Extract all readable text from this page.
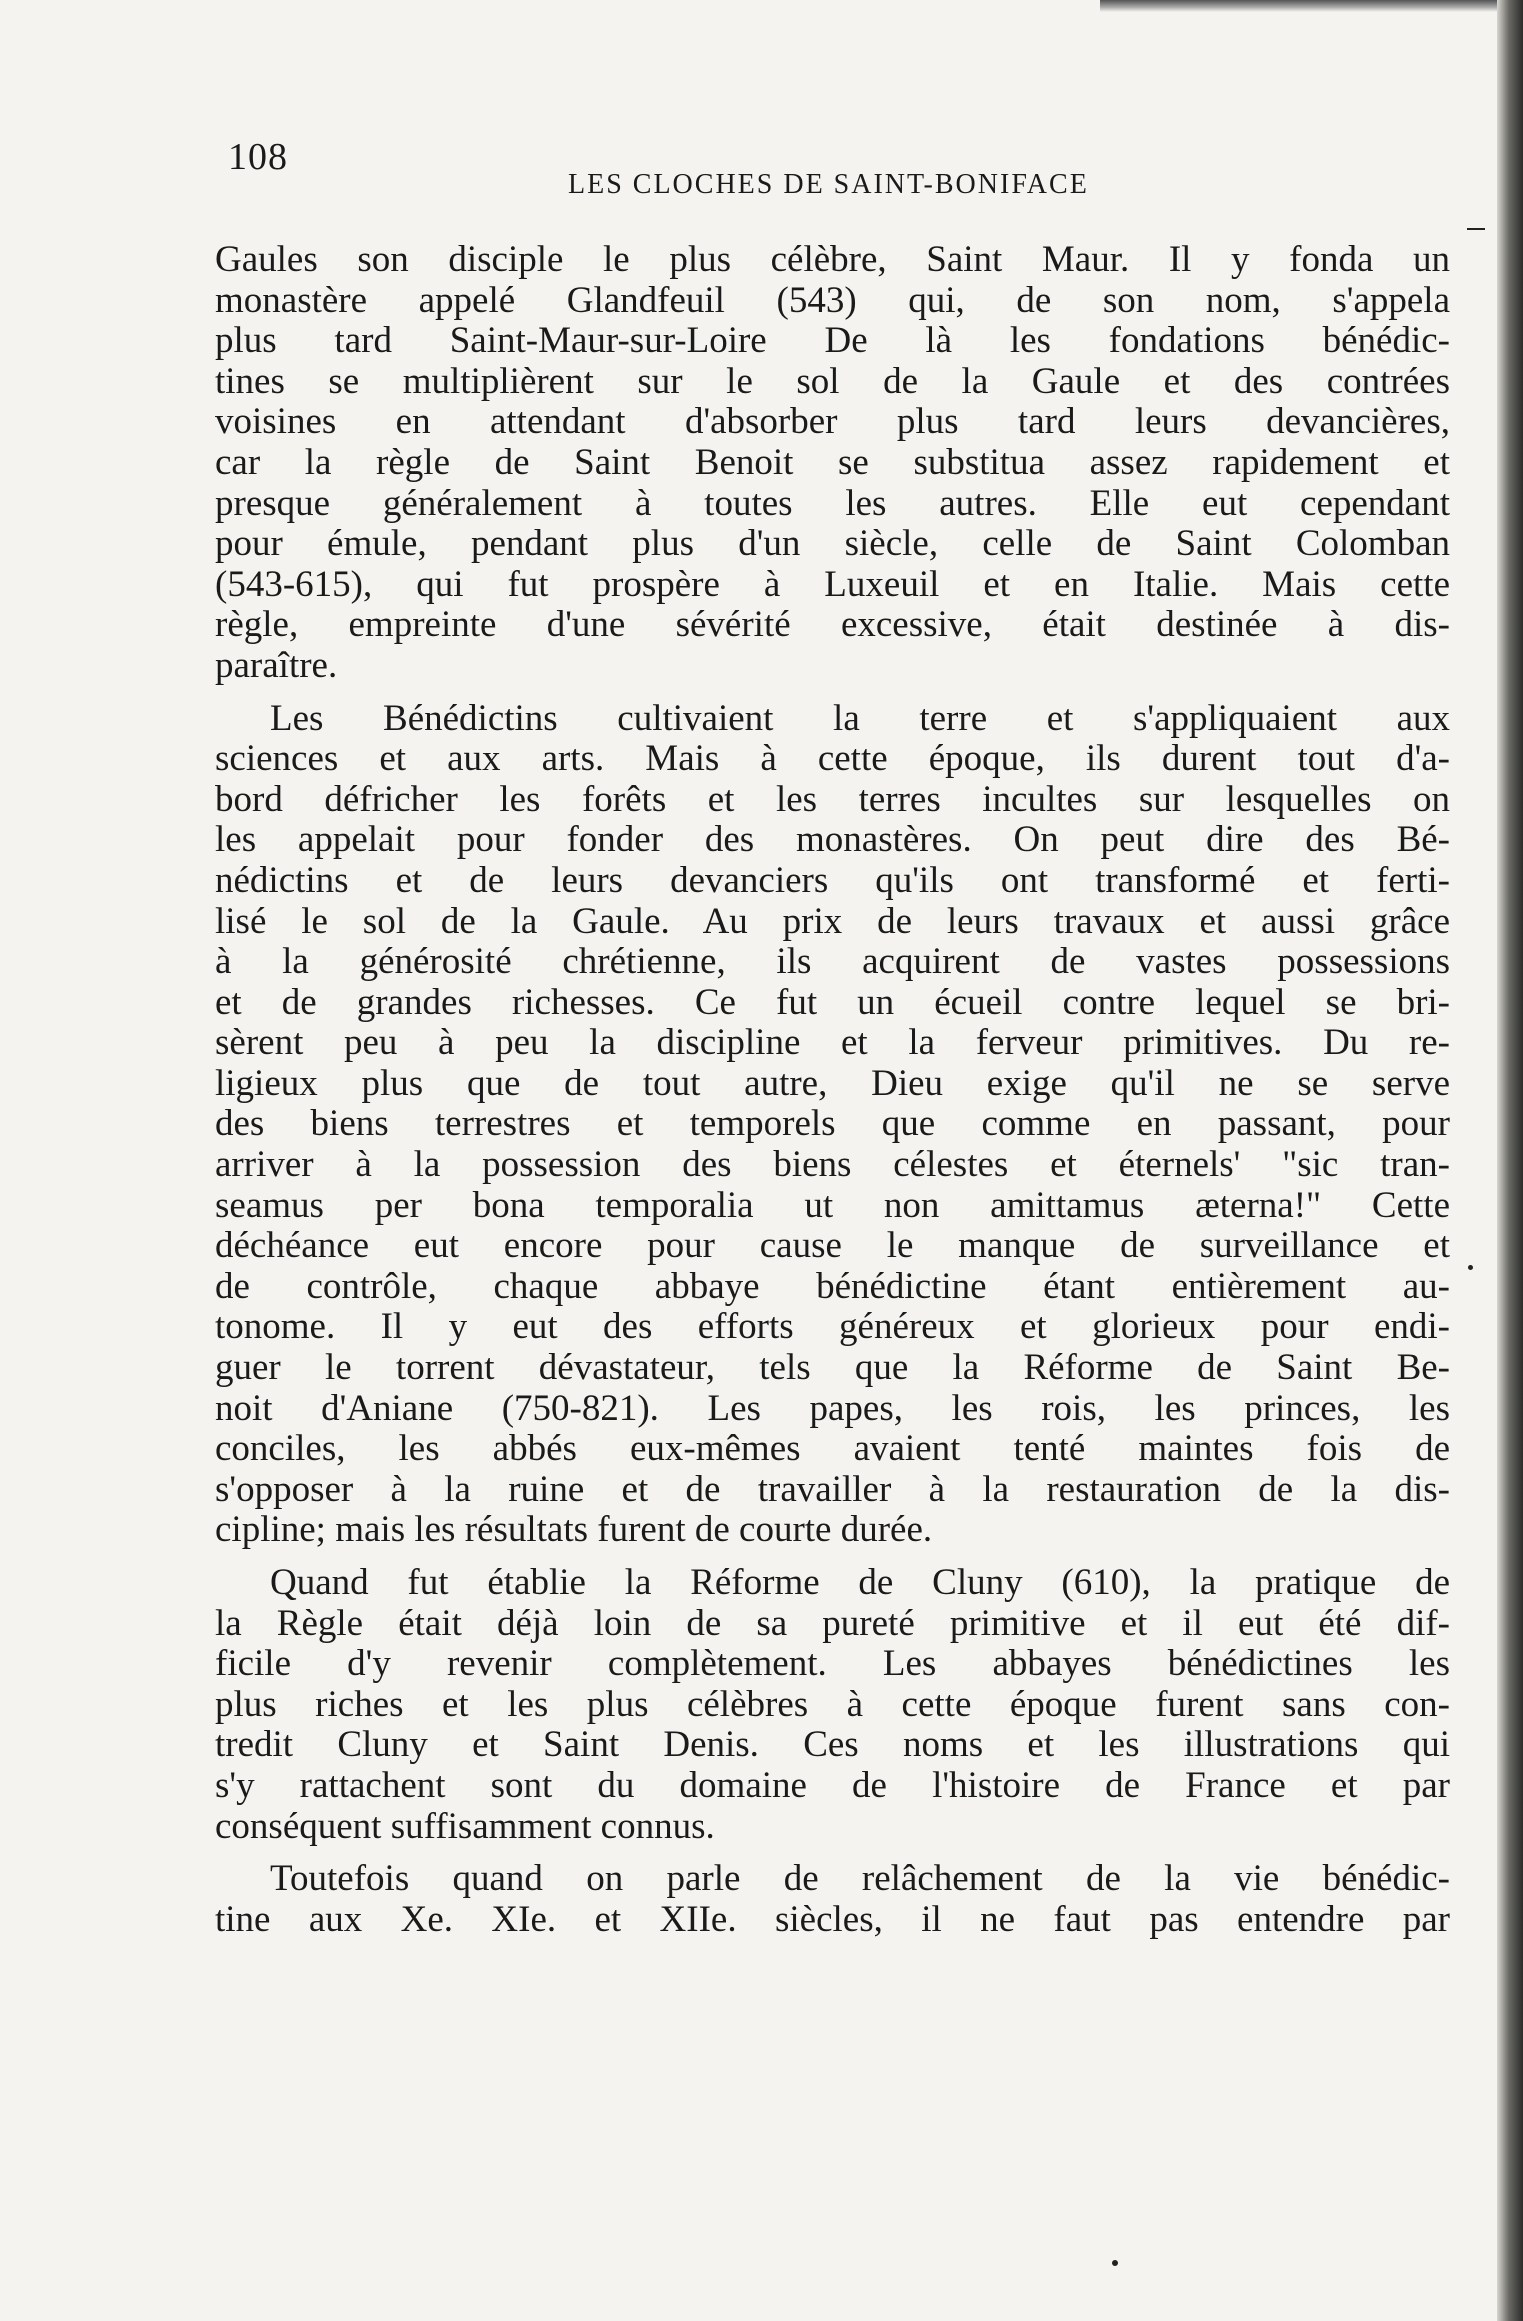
108
LES CLOCHES DE SAINT-BONIFACE
Gaules son disciple le plus célèbre, Saint Maur. Il y fonda un
monastère appelé Glandfeuil (543) qui, de son nom, s'appela
plus tard Saint-Maur-sur-Loire De là les fondations bénédic-
tines se multiplièrent sur le sol de la Gaule et des contrées
voisines en attendant d'absorber plus tard leurs devancières,
car la règle de Saint Benoit se substitua assez rapidement et
presque généralement à toutes les autres. Elle eut cependant
pour émule, pendant plus d'un siècle, celle de Saint Colomban
(543-615), qui fut prospère à Luxeuil et en Italie. Mais cette
règle, empreinte d'une sévérité excessive, était destinée à dis-
paraître.
Les Bénédictins cultivaient la terre et s'appliquaient aux
sciences et aux arts. Mais à cette époque, ils durent tout d'a-
bord défricher les forêts et les terres incultes sur lesquelles on
les appelait pour fonder des monastères. On peut dire des Bé-
nédictins et de leurs devanciers qu'ils ont transformé et ferti-
lisé le sol de la Gaule. Au prix de leurs travaux et aussi grâce
à la générosité chrétienne, ils acquirent de vastes possessions
et de grandes richesses. Ce fut un écueil contre lequel se bri-
sèrent peu à peu la discipline et la ferveur primitives. Du re-
ligieux plus que de tout autre, Dieu exige qu'il ne se serve
des biens terrestres et temporels que comme en passant, pour
arriver à la possession des biens célestes et éternels' "sic tran-
seamus per bona temporalia ut non amittamus æterna!" Cette
déchéance eut encore pour cause le manque de surveillance et
de contrôle, chaque abbaye bénédictine étant entièrement au-
tonome. Il y eut des efforts généreux et glorieux pour endi-
guer le torrent dévastateur, tels que la Réforme de Saint Be-
noit d'Aniane (750-821). Les papes, les rois, les princes, les
conciles, les abbés eux-mêmes avaient tenté maintes fois de
s'opposer à la ruine et de travailler à la restauration de la dis-
cipline; mais les résultats furent de courte durée.
Quand fut établie la Réforme de Cluny (610), la pratique de
la Règle était déjà loin de sa pureté primitive et il eut été dif-
ficile d'y revenir complètement. Les abbayes bénédictines les
plus riches et les plus célèbres à cette époque furent sans con-
tredit Cluny et Saint Denis. Ces noms et les illustrations qui
s'y rattachent sont du domaine de l'histoire de France et par
conséquent suffisamment connus.
Toutefois quand on parle de relâchement de la vie bénédic-
tine aux Xe. XIe. et XIIe. siècles, il ne faut pas entendre par
